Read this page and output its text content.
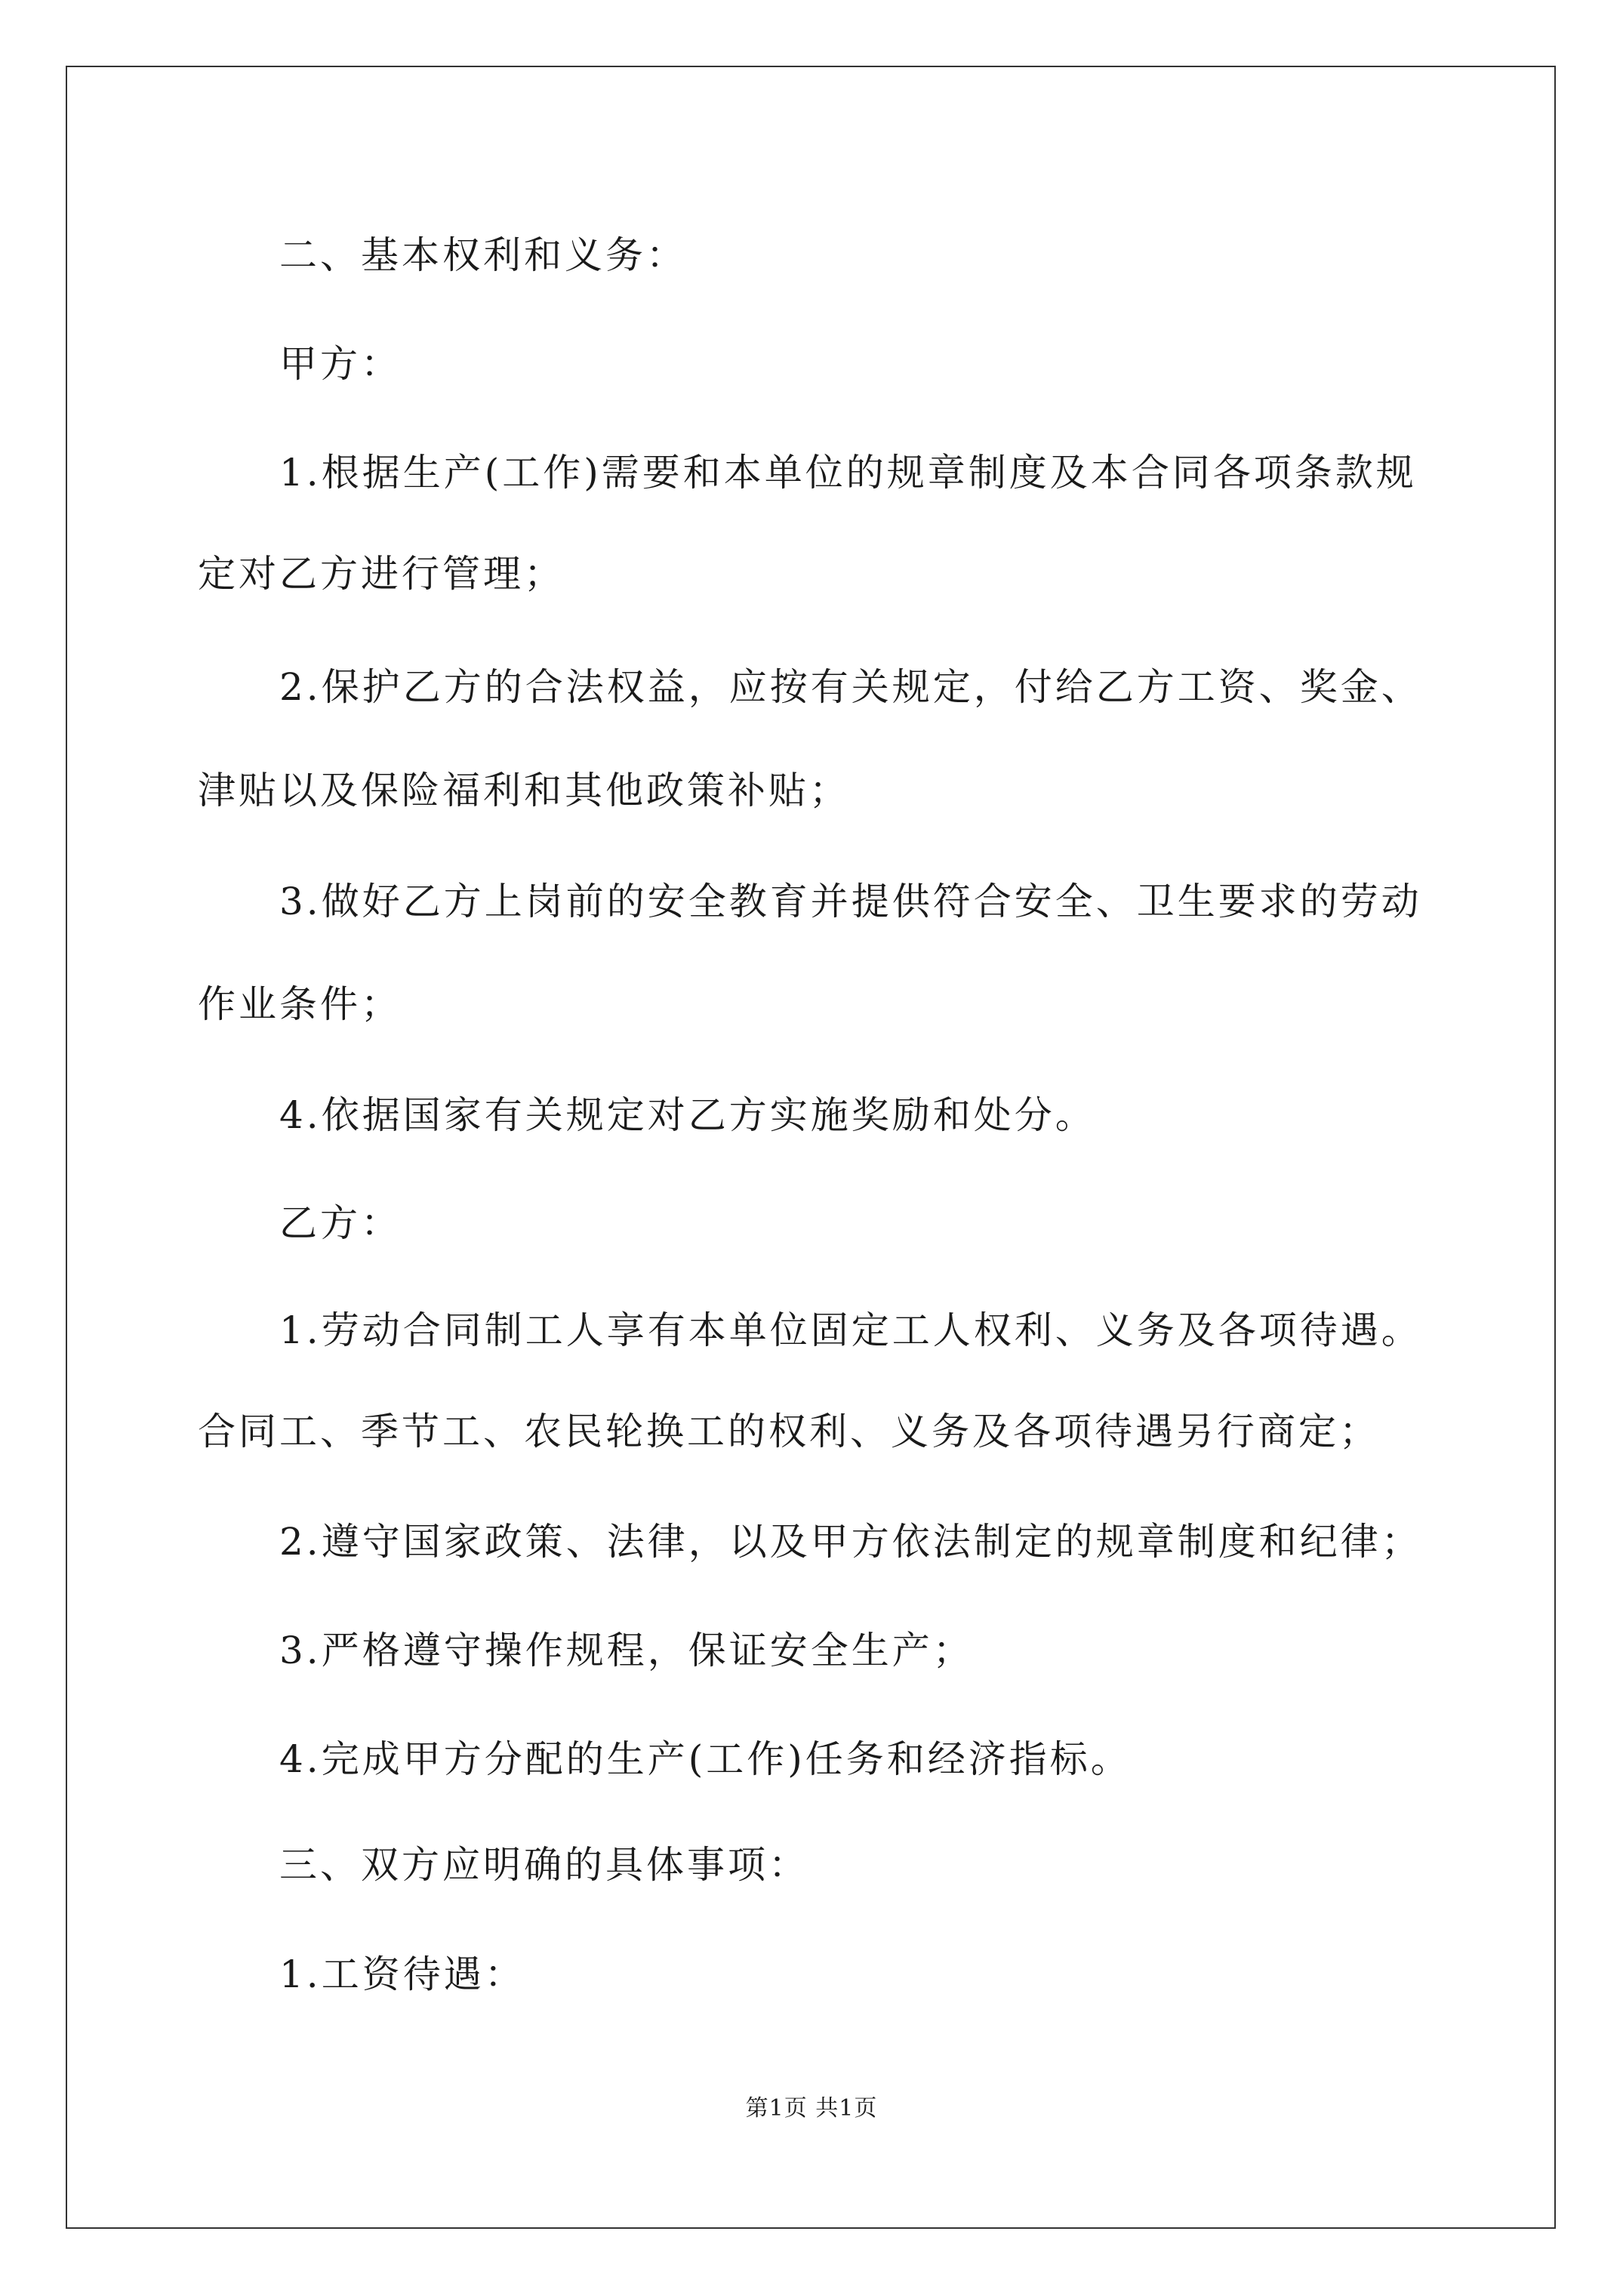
二、基本权利和义务：
甲方：
1.根据生产(工作)需要和本单位的规章制度及本合同各项条款规
定对乙方进行管理；
2.保护乙方的合法权益，应按有关规定，付给乙方工资、奖金、
津贴以及保险福利和其他政策补贴；
3.做好乙方上岗前的安全教育并提供符合安全、卫生要求的劳动
作业条件；
4.依据国家有关规定对乙方实施奖励和处分。
乙方：
1.劳动合同制工人享有本单位固定工人权利、义务及各项待遇。
合同工、季节工、农民轮换工的权利、义务及各项待遇另行商定；
2.遵守国家政策、法律，以及甲方依法制定的规章制度和纪律；
3.严格遵守操作规程，保证安全生产；
4.完成甲方分配的生产(工作)任务和经济指标。
三、双方应明确的具体事项：
1.工资待遇：
第1页 共1页
